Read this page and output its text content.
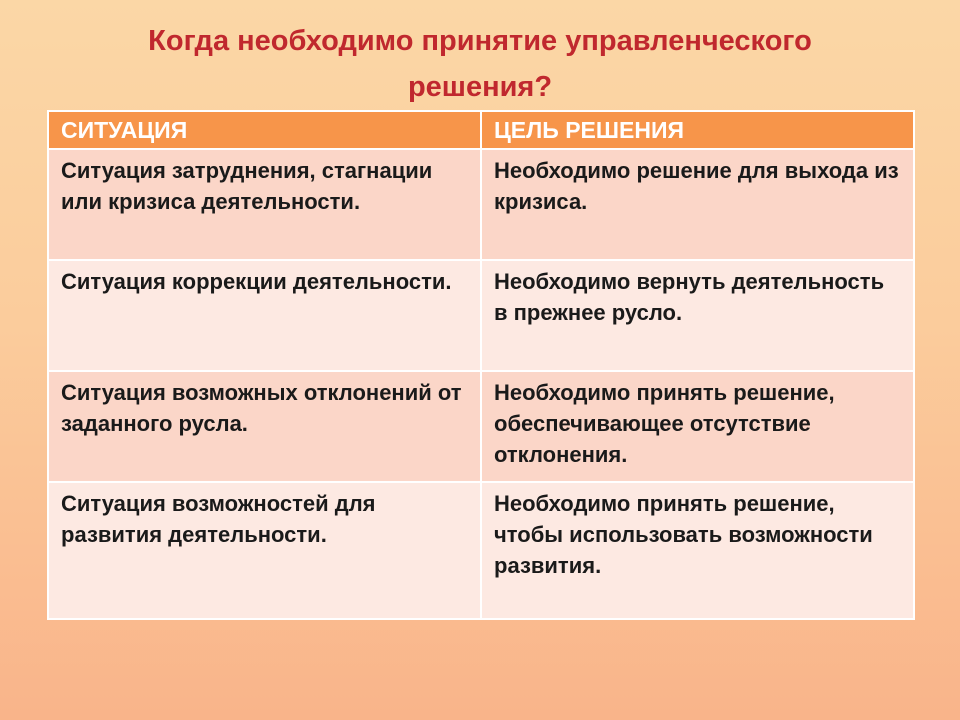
Когда необходимо принятие управленческого
решения?
СИТУАЦИЯ	ЦЕЛЬ РЕШЕНИЯ
Ситуация затруднения, стагнации или кризиса деятельности.	Необходимо решение для выхода из кризиса.
Ситуация коррекции деятельности.	Необходимо вернуть деятельность в прежнее русло.
Ситуация возможных отклонений от заданного русла.	Необходимо принять решение, обеспечивающее отсутствие отклонения.
Ситуация возможностей для развития деятельности.	Необходимо принять решение, чтобы использовать возможности развития.
